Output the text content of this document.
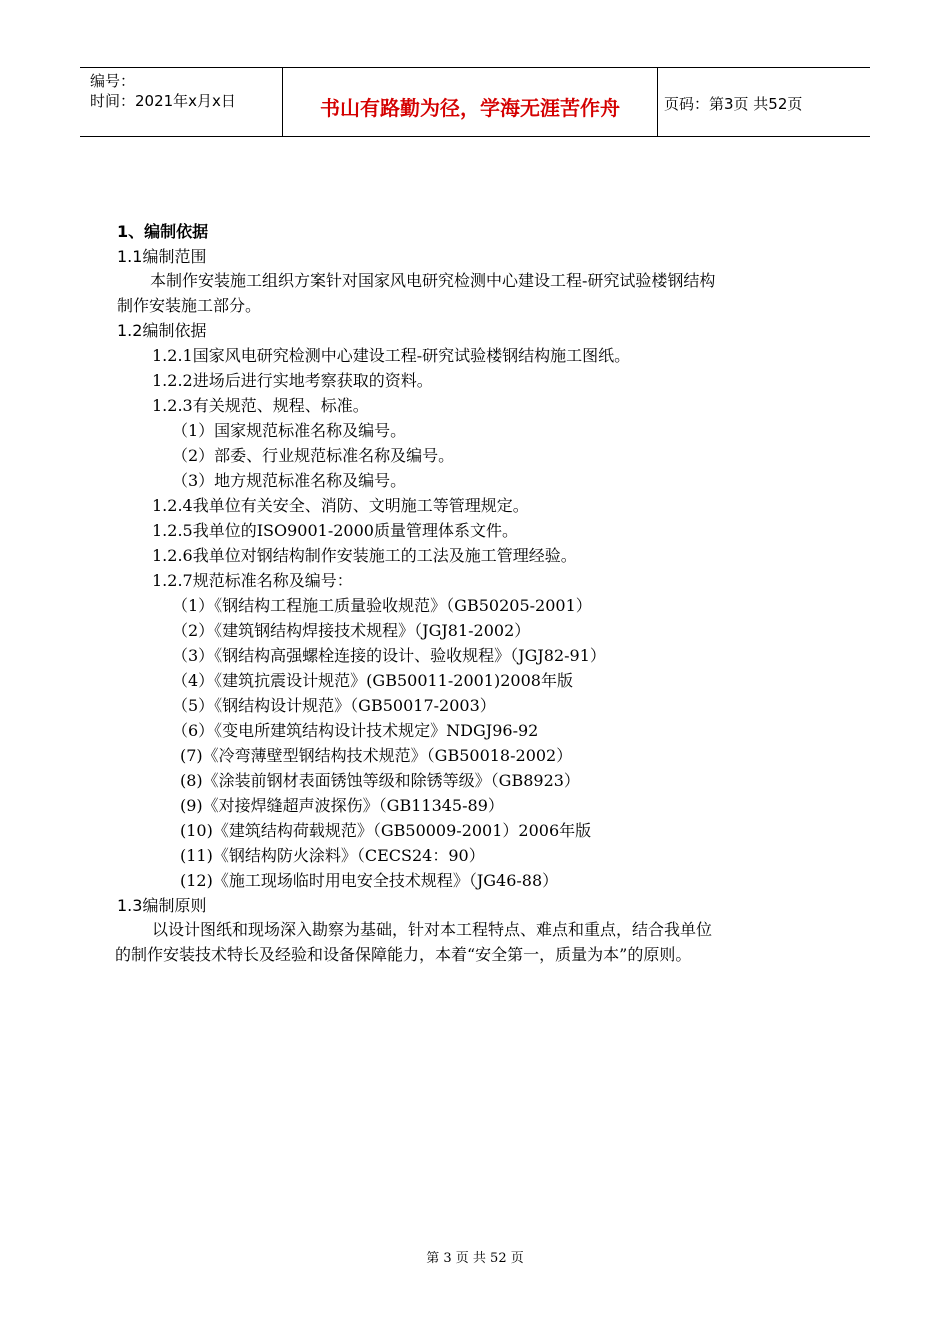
编号：
时间：2021年x月x日	书山有路勤为径，学海无涯苦作舟	页码：第3页 共52页
1、编制依据
1.1编制范围
本制作安装施工组织方案针对国家风电研究检测中心建设工程-研究试验楼钢结构
制作安装施工部分。
1.2编制依据
1.2.1国家风电研究检测中心建设工程-研究试验楼钢结构施工图纸。
1.2.2进场后进行实地考察获取的资料。
1.2.3有关规范、规程、标准。
（1）国家规范标准名称及编号。
（2）部委、行业规范标准名称及编号。
（3）地方规范标准名称及编号。
1.2.4我单位有关安全、消防、文明施工等管理规定。
1.2.5我单位的ISO9001-2000质量管理体系文件。
1.2.6我单位对钢结构制作安装施工的工法及施工管理经验。
1.2.7规范标准名称及编号：
（1）《钢结构工程施工质量验收规范》（GB50205-2001）
（2）《建筑钢结构焊接技术规程》（JGJ81-2002）
（3）《钢结构高强螺栓连接的设计、验收规程》（JGJ82-91）
（4）《建筑抗震设计规范》(GB50011-2001)2008年版
（5）《钢结构设计规范》（GB50017-2003）
（6）《变电所建筑结构设计技术规定》NDGJ96-92
(7)《冷弯薄壁型钢结构技术规范》（GB50018-2002）
(8)《涂装前钢材表面锈蚀等级和除锈等级》（GB8923）
(9)《对接焊缝超声波探伤》（GB11345-89）
(10)《建筑结构荷载规范》（GB50009-2001）2006年版
(11)《钢结构防火涂料》（CECS24：90）
(12)《施工现场临时用电安全技术规程》（JG46-88）
1.3编制原则
以设计图纸和现场深入勘察为基础，针对本工程特点、难点和重点，结合我单位
的制作安装技术特长及经验和设备保障能力，本着“安全第一，质量为本”的原则。
第 3 页 共 52 页
